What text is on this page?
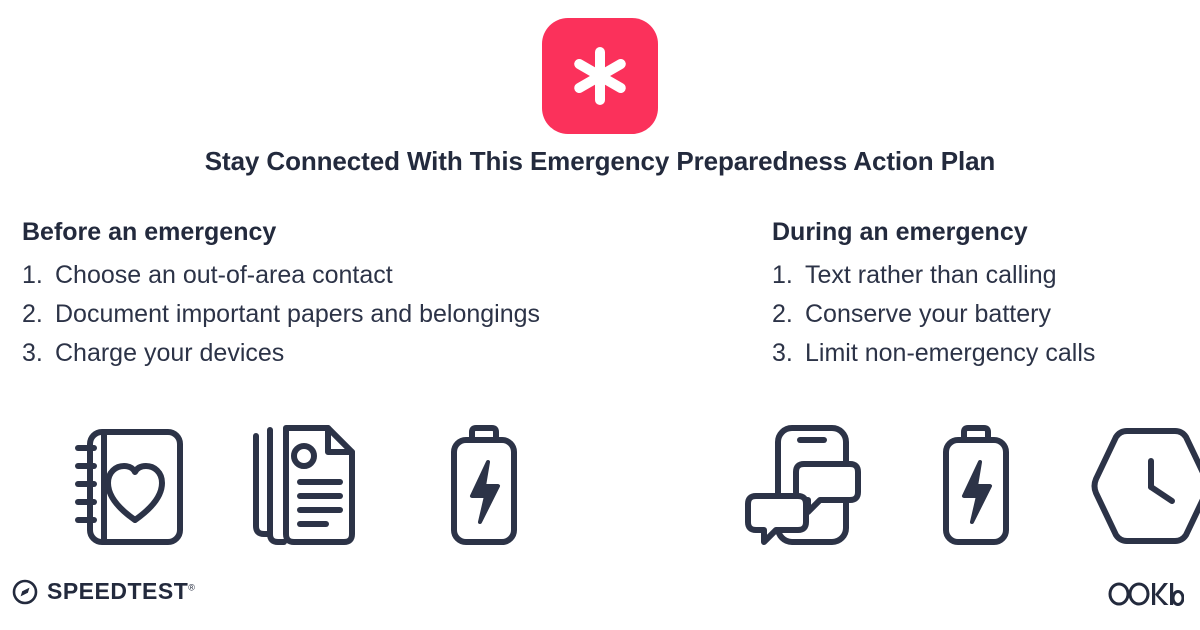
Stay Connected With This Emergency Preparedness Action Plan
Before an emergency
Choose an out-of-area contact
Document important papers and belongings
Charge your devices
During an emergency
Text rather than calling
Conserve your battery
Limit non-emergency calls
SPEEDTEST®
